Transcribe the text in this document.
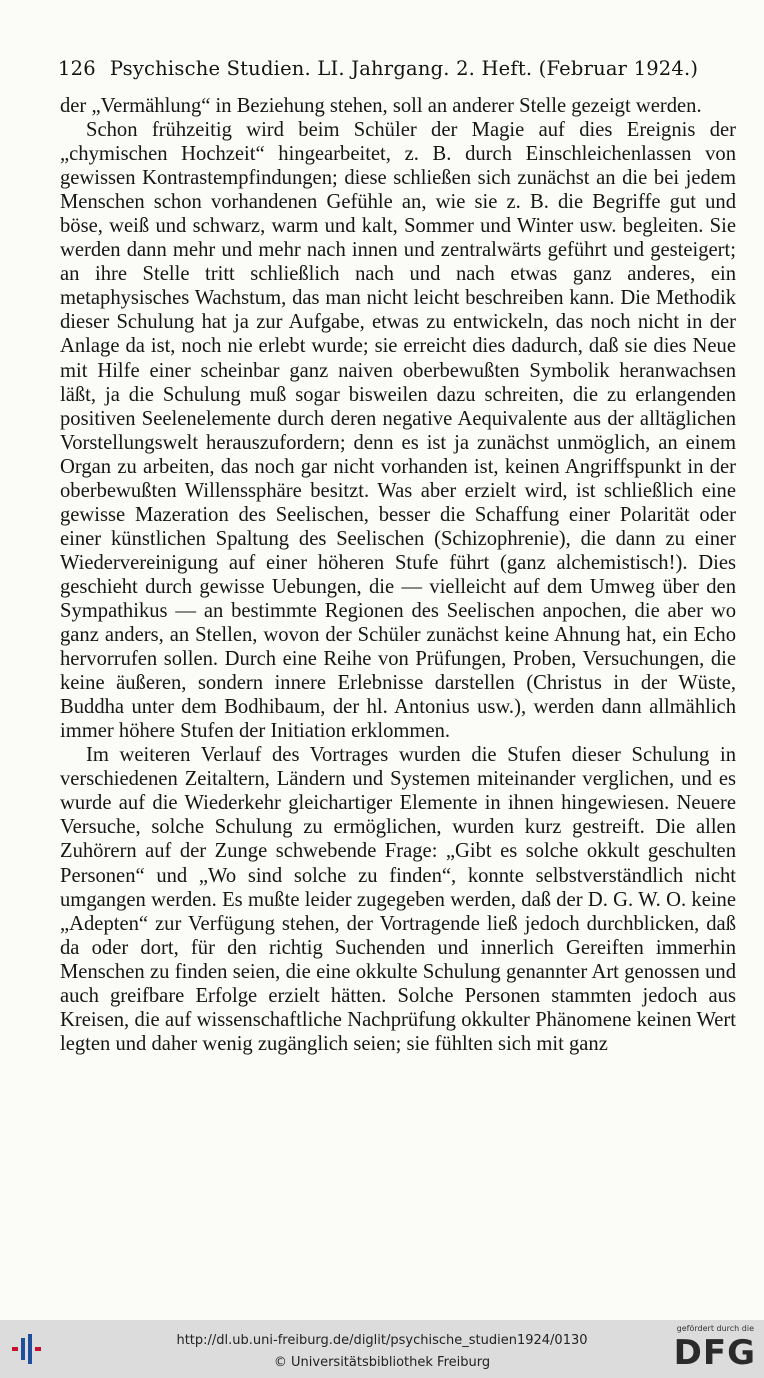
126 Psychische Studien. LI. Jahrgang. 2. Heft. (Februar 1924.)

der „Vermählung“ in Beziehung stehen, soll an anderer Stelle gezeigt werden.

Schon frühzeitig wird beim Schüler der Magie auf dies Ereignis der „chymischen Hochzeit“ hingearbeitet, z. B. durch Einschleichenlassen von gewissen Kontrastempfindungen; diese schließen sich zunächst an die bei jedem Menschen schon vorhandenen Gefühle an, wie sie z. B. die Begriffe gut und böse, weiß und schwarz, warm und kalt, Sommer und Winter usw. begleiten. Sie werden dann mehr und mehr nach innen und zentralwärts geführt und gesteigert; an ihre Stelle tritt schließlich nach und nach etwas ganz anderes, ein metaphysisches Wachstum, das man nicht leicht beschreiben kann. Die Methodik dieser Schulung hat ja zur Aufgabe, etwas zu entwickeln, das noch nicht in der Anlage da ist, noch nie erlebt wurde; sie erreicht dies dadurch, daß sie dies Neue mit Hilfe einer scheinbar ganz naiven oberbewußten Symbolik heranwachsen läßt, ja die Schulung muß sogar bisweilen dazu schreiten, die zu erlangenden positiven Seelenelemente durch deren negative Aequivalente aus der alltäglichen Vorstellungswelt herauszufordern; denn es ist ja zunächst unmöglich, an einem Organ zu arbeiten, das noch gar nicht vorhanden ist, keinen Angriffspunkt in der oberbewußten Willenssphäre besitzt. Was aber erzielt wird, ist schließlich eine gewisse Mazeration des Seelischen, besser die Schaffung einer Polarität oder einer künstlichen Spaltung des Seelischen (Schizophrenie), die dann zu einer Wiedervereinigung auf einer höheren Stufe führt (ganz alchemistisch!). Dies geschieht durch gewisse Uebungen, die — vielleicht auf dem Umweg über den Sympathikus — an bestimmte Regionen des Seelischen anpochen, die aber wo ganz anders, an Stellen, wovon der Schüler zunächst keine Ahnung hat, ein Echo hervorrufen sollen. Durch eine Reihe von Prüfungen, Proben, Versuchungen, die keine äußeren, sondern innere Erlebnisse darstellen (Christus in der Wüste, Buddha unter dem Bodhibaum, der hl. Antonius usw.), werden dann allmählich immer höhere Stufen der Initiation erklommen.

Im weiteren Verlauf des Vortrages wurden die Stufen dieser Schulung in verschiedenen Zeitaltern, Ländern und Systemen miteinander verglichen, und es wurde auf die Wiederkehr gleichartiger Elemente in ihnen hingewiesen. Neuere Versuche, solche Schulung zu ermöglichen, wurden kurz gestreift. Die allen Zuhörern auf der Zunge schwebende Frage: „Gibt es solche okkult geschulten Personen“ und „Wo sind solche zu finden“, konnte selbstverständlich nicht umgangen werden. Es mußte leider zugegeben werden, daß der D. G. W. O. keine „Adepten“ zur Verfügung stehen, der Vortragende ließ jedoch durchblicken, daß da oder dort, für den richtig Suchenden und innerlich Gereiften immerhin Menschen zu finden seien, die eine okkulte Schulung genannter Art genossen und auch greifbare Erfolge erzielt hätten. Solche Personen stammten jedoch aus Kreisen, die auf wissenschaftliche Nachprüfung okkulter Phänomene keinen Wert legten und daher wenig zugänglich seien; sie fühlten sich mit ganz

http://dl.ub.uni-freiburg.de/diglit/psychische_studien1924/0130
© Universitätsbibliothek Freiburg
gefördert durch die
DFG
